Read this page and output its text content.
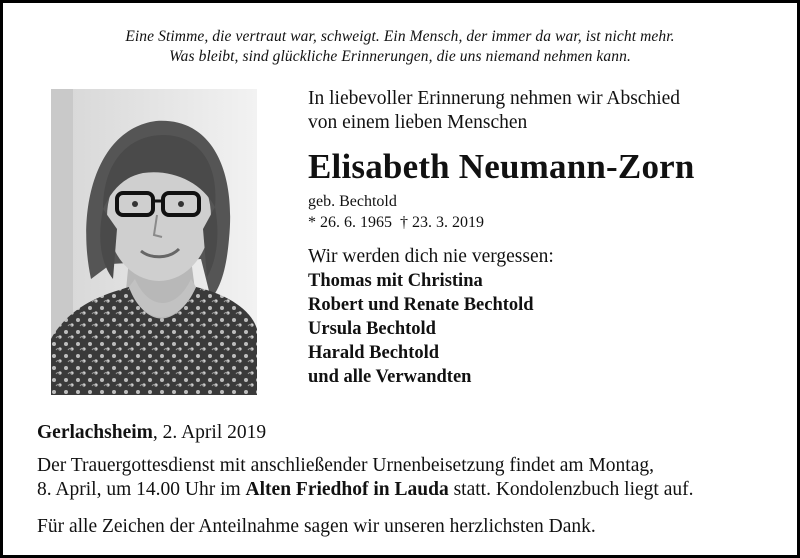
Eine Stimme, die vertraut war, schweigt. Ein Mensch, der immer da war, ist nicht mehr.
Was bleibt, sind glückliche Erinnerungen, die uns niemand nehmen kann.

In liebevoller Erinnerung nehmen wir Abschied

von einem lieben Menschen

Elisabeth Neumann-Zorn

geb. Bechtold

* 26. 6. 1965  † 23. 3. 2019

Wir werden dich nie vergessen:

Thomas mit Christina
Robert und Renate Bechtold
Ursula Bechtold
Harald Bechtold
und alle Verwandten
Gerlachsheim, 2. April 2019
Der Trauergottesdienst mit anschließender Urnenbeisetzung findet am Montag,
8. April, um 14.00 Uhr im Alten Friedhof in Lauda statt. Kondolenzbuch liegt auf.
Für alle Zeichen der Anteilnahme sagen wir unseren herzlichsten Dank.
